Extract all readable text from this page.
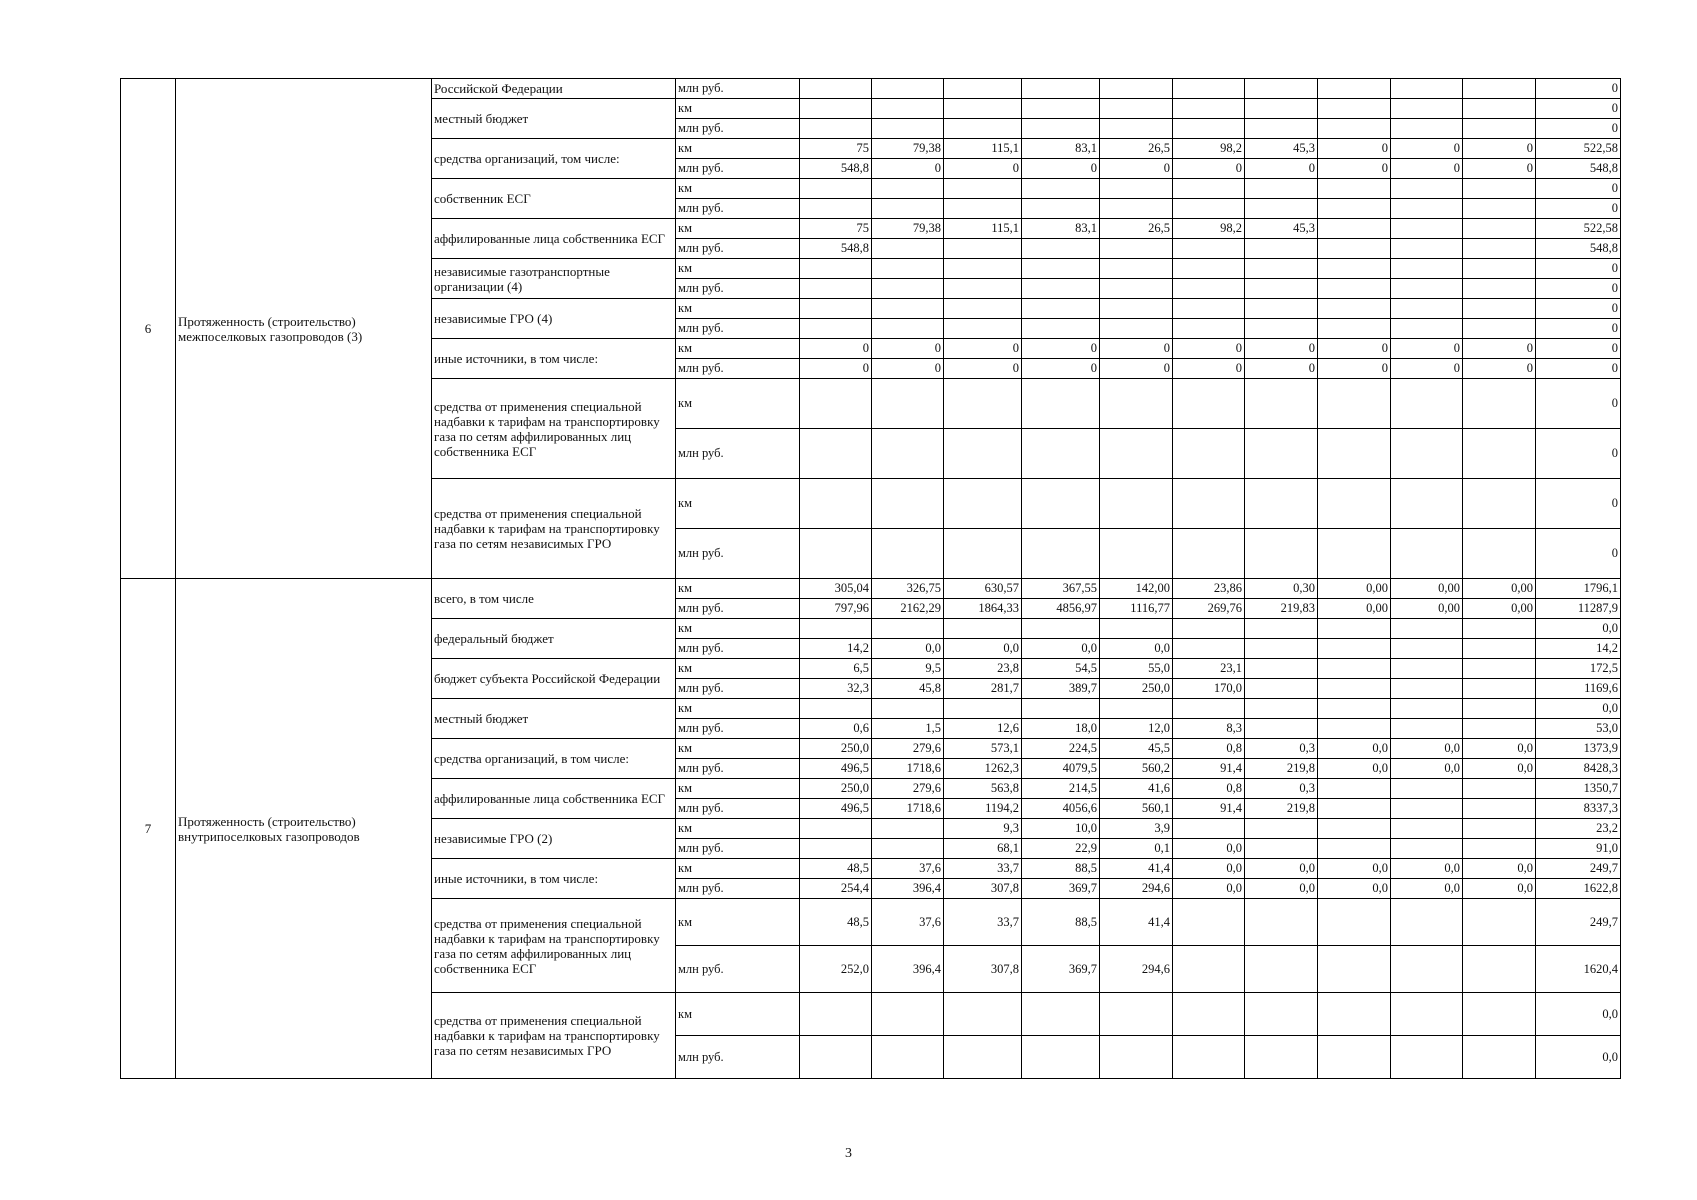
6	Протяженность (строительство) межпоселковых газопроводов (3)	Российской Федерации	млн руб.											0
		местный бюджет	км											0
			млн руб.											0
		средства организаций, том числе:	км	75	79,38	115,1	83,1	26,5	98,2	45,3	0	0	0	522,58
			млн руб.	548,8	0	0	0	0	0	0	0	0	0	548,8
		собственник ЕСГ	км											0
			млн руб.											0
		аффилированные лица собственника ЕСГ	км	75	79,38	115,1	83,1	26,5	98,2	45,3				522,58
			млн руб.	548,8										548,8
		независимые газотранспортные организации (4)	км											0
			млн руб.											0
		независимые ГРО (4)	км											0
			млн руб.											0
		иные источники, в том числе:	км	0	0	0	0	0	0	0	0	0	0	0
			млн руб.	0	0	0	0	0	0	0	0	0	0	0
		средства от применения специальной надбавки к тарифам на транспортировку газа по сетям аффилированных лиц собственника ЕСГ	км											0
			млн руб.											0
		средства от применения специальной надбавки к тарифам на транспортировку газа по сетям независимых ГРО	км											0
			млн руб.											0
7	Протяженность (строительство) внутрипоселковых газопроводов	всего, в том числе	км	305,04	326,75	630,57	367,55	142,00	23,86	0,30	0,00	0,00	0,00	1796,1
			млн руб.	797,96	2162,29	1864,33	4856,97	1116,77	269,76	219,83	0,00	0,00	0,00	11287,9
		федеральный бюджет	км											0,0
			млн руб.	14,2	0,0	0,0	0,0	0,0						14,2
		бюджет субъекта Российской Федерации	км	6,5	9,5	23,8	54,5	55,0	23,1					172,5
			млн руб.	32,3	45,8	281,7	389,7	250,0	170,0					1169,6
		местный бюджет	км											0,0
			млн руб.	0,6	1,5	12,6	18,0	12,0	8,3					53,0
		средства организаций, в том числе:	км	250,0	279,6	573,1	224,5	45,5	0,8	0,3	0,0	0,0	0,0	1373,9
			млн руб.	496,5	1718,6	1262,3	4079,5	560,2	91,4	219,8	0,0	0,0	0,0	8428,3
		аффилированные лица собственника ЕСГ	км	250,0	279,6	563,8	214,5	41,6	0,8	0,3				1350,7
			млн руб.	496,5	1718,6	1194,2	4056,6	560,1	91,4	219,8				8337,3
		независимые ГРО (2)	км			9,3	10,0	3,9						23,2
			млн руб.			68,1	22,9	0,1	0,0					91,0
		иные источники, в том числе:	км	48,5	37,6	33,7	88,5	41,4	0,0	0,0	0,0	0,0	0,0	249,7
			млн руб.	254,4	396,4	307,8	369,7	294,6	0,0	0,0	0,0	0,0	0,0	1622,8
		средства от применения специальной надбавки к тарифам на транспортировку газа по сетям аффилированных лиц собственника ЕСГ	км	48,5	37,6	33,7	88,5	41,4						249,7
			млн руб.	252,0	396,4	307,8	369,7	294,6						1620,4
		средства от применения специальной надбавки к тарифам на транспортировку газа по сетям независимых ГРО	км											0,0
			млн руб.											0,0
3
